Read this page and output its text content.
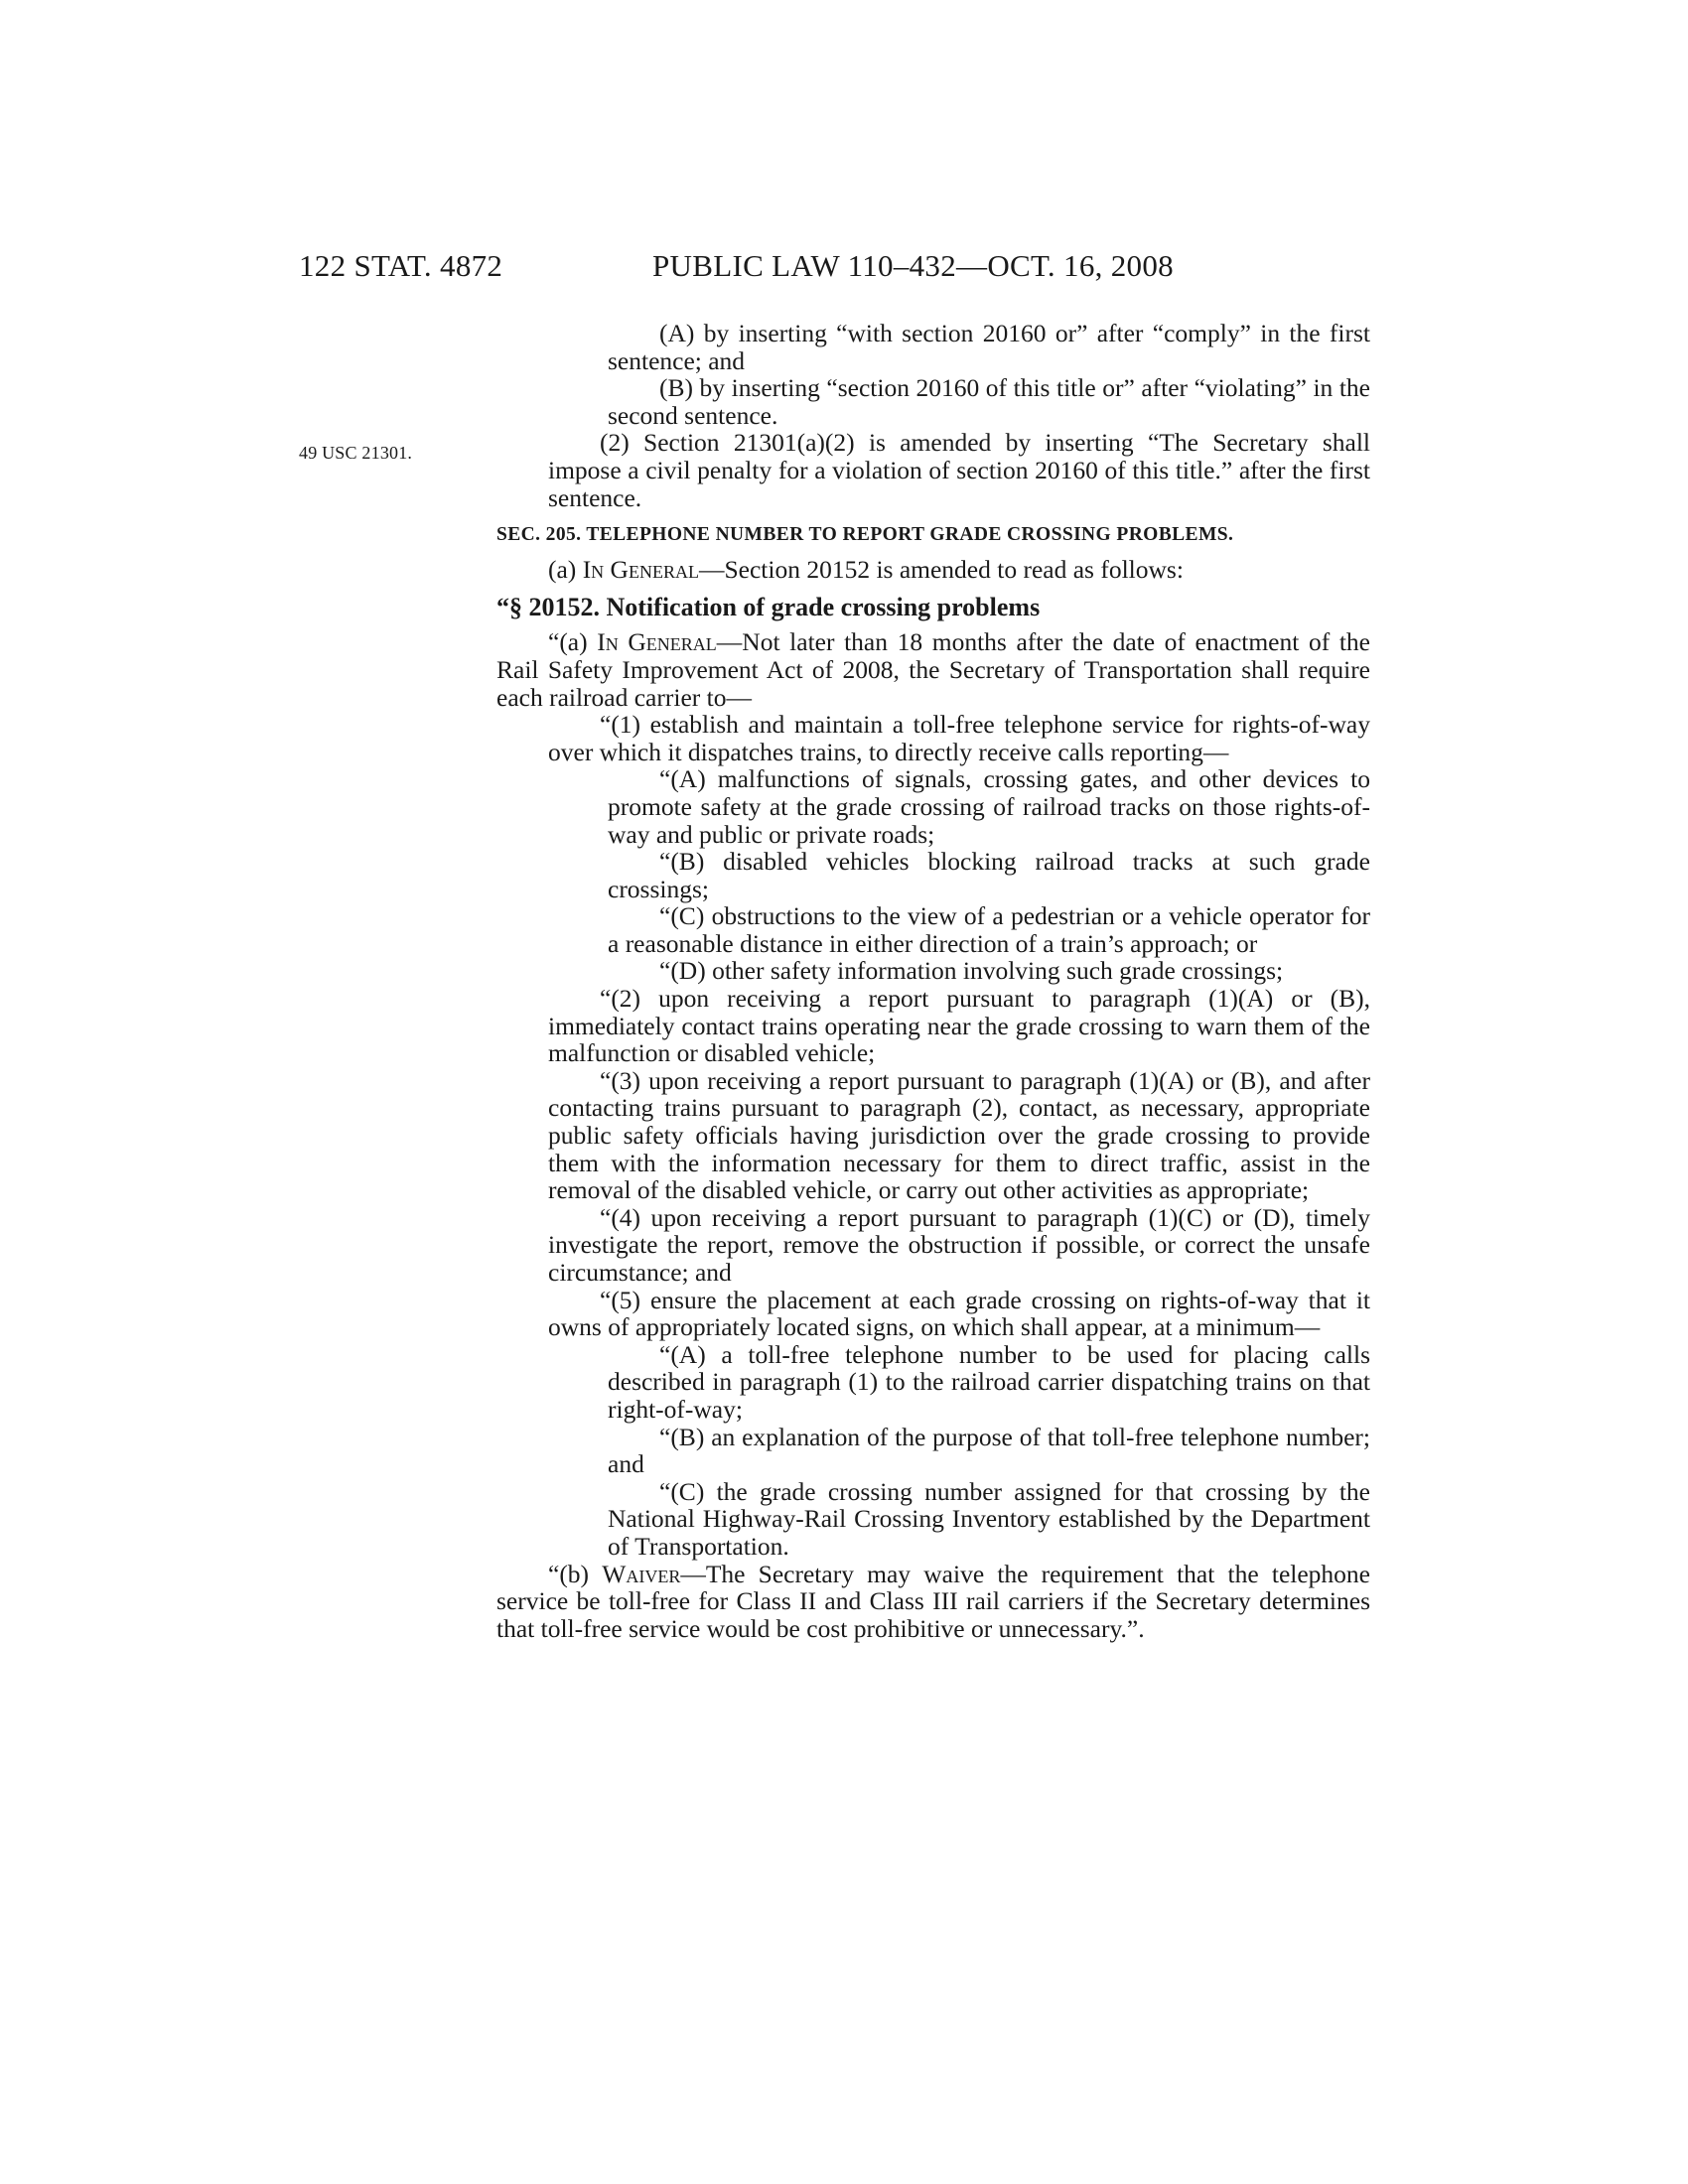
122 STAT. 4872	PUBLIC LAW 110–432—OCT. 16, 2008
49 USC 21301.

(A) by inserting “with section 20160 or” after “comply” in the first sentence; and

(B) by inserting “section 20160 of this title or” after “violating” in the second sentence.

(2) Section 21301(a)(2) is amended by inserting “The Secretary shall impose a civil penalty for a violation of section 20160 of this title.” after the first sentence.

SEC. 205. TELEPHONE NUMBER TO REPORT GRADE CROSSING PROBLEMS.

(a) In General—Section 20152 is amended to read as follows:

“§ 20152. Notification of grade crossing problems

“(a) In General—Not later than 18 months after the date of enactment of the Rail Safety Improvement Act of 2008, the Secretary of Transportation shall require each railroad carrier to—

“(1) establish and maintain a toll-free telephone service for rights-of-way over which it dispatches trains, to directly receive calls reporting—

“(A) malfunctions of signals, crossing gates, and other devices to promote safety at the grade crossing of railroad tracks on those rights-of-way and public or private roads;

“(B) disabled vehicles blocking railroad tracks at such grade crossings;

“(C) obstructions to the view of a pedestrian or a vehicle operator for a reasonable distance in either direction of a train’s approach; or

“(D) other safety information involving such grade crossings;

“(2) upon receiving a report pursuant to paragraph (1)(A) or (B), immediately contact trains operating near the grade crossing to warn them of the malfunction or disabled vehicle;

“(3) upon receiving a report pursuant to paragraph (1)(A) or (B), and after contacting trains pursuant to paragraph (2), contact, as necessary, appropriate public safety officials having jurisdiction over the grade crossing to provide them with the information necessary for them to direct traffic, assist in the removal of the disabled vehicle, or carry out other activities as appropriate;

“(4) upon receiving a report pursuant to paragraph (1)(C) or (D), timely investigate the report, remove the obstruction if possible, or correct the unsafe circumstance; and

“(5) ensure the placement at each grade crossing on rights-of-way that it owns of appropriately located signs, on which shall appear, at a minimum—

“(A) a toll-free telephone number to be used for placing calls described in paragraph (1) to the railroad carrier dispatching trains on that right-of-way;

“(B) an explanation of the purpose of that toll-free telephone number; and

“(C) the grade crossing number assigned for that crossing by the National Highway-Rail Crossing Inventory established by the Department of Transportation.

“(b) Waiver—The Secretary may waive the requirement that the telephone service be toll-free for Class II and Class III rail carriers if the Secretary determines that toll-free service would be cost prohibitive or unnecessary.”.
